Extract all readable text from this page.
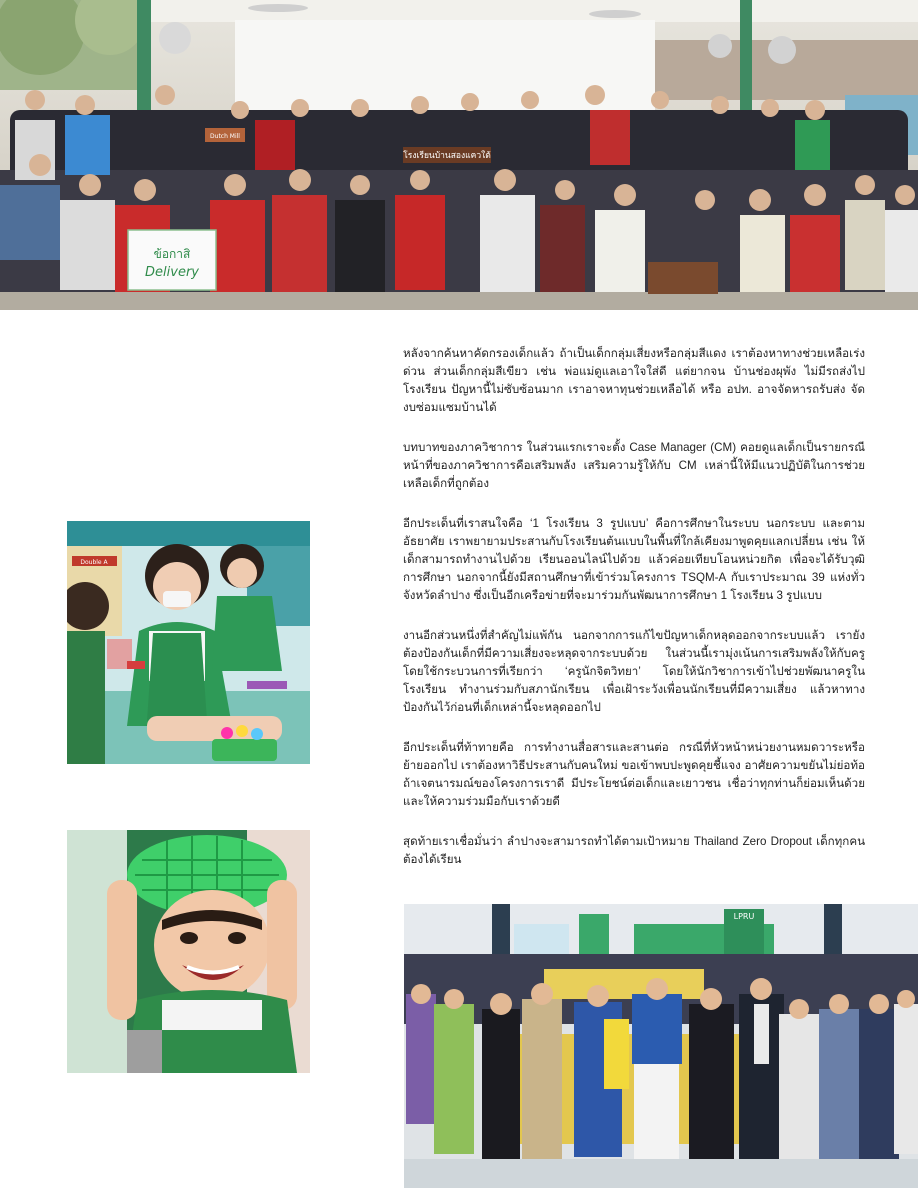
ข้อกาสิ
Delivery
โรงเรียนบ้านสองแควใต้
Dutch Mill

หลังจากค้นหาคัดกรองเด็กแล้ว ถ้าเป็นเด็กกลุ่มเสี่ยงหรือกลุ่มสีแดง เราต้องหาทางช่วยเหลือเร่งด่วน ส่วนเด็กกลุ่มสีเขียว เช่น พ่อแม่ดูแลเอาใจใส่ดี แต่ยากจน บ้านช่องผุพัง ไม่มีรถส่งไปโรงเรียน ปัญหานี้ไม่ซับซ้อนมาก เราอาจหาทุนช่วยเหลือได้ หรือ อปท. อาจจัดหารถรับส่ง จัดงบซ่อมแซมบ้านได้

บทบาทของภาควิชาการ ในส่วนแรกเราจะตั้ง Case Manager (CM) คอยดูแลเด็กเป็นรายกรณี หน้าที่ของภาควิชาการคือเสริมพลัง เสริมความรู้ให้กับ CM เหล่านี้ให้มีแนวปฏิบัติในการช่วยเหลือเด็กที่ถูกต้อง

อีกประเด็นที่เราสนใจคือ ‘1 โรงเรียน 3 รูปแบบ’ คือการศึกษาในระบบ นอกระบบ และตามอัธยาศัย เราพยายามประสานกับโรงเรียนต้นแบบในพื้นที่ใกล้เคียงมาพูดคุยแลกเปลี่ยน เช่น ให้เด็กสามารถทำงานไปด้วย เรียนออนไลน์ไปด้วย แล้วค่อยเทียบโอนหน่วยกิต เพื่อจะได้รับวุฒิการศึกษา นอกจากนี้ยังมีสถานศึกษาที่เข้าร่วมโครงการ TSQM-A กับเราประมาณ 39 แห่งทั่วจังหวัดลำปาง ซึ่งเป็นอีกเครือข่ายที่จะมาร่วมกันพัฒนาการศึกษา 1 โรงเรียน 3 รูปแบบ

งานอีกส่วนหนึ่งที่สำคัญไม่แพ้กัน นอกจากการแก้ไขปัญหาเด็กหลุดออกจากระบบแล้ว เรายังต้องป้องกันเด็กที่มีความเสี่ยงจะหลุดจากระบบด้วย ในส่วนนี้เรามุ่งเน้นการเสริมพลังให้กับครู โดยใช้กระบวนการที่เรียกว่า ‘ครูนักจิตวิทยา’ โดยให้นักวิชาการเข้าไปช่วยพัฒนาครูในโรงเรียน ทำงานร่วมกับสภานักเรียน เพื่อเฝ้าระวังเพื่อนนักเรียนที่มีความเสี่ยง แล้วหาทางป้องกันไว้ก่อนที่เด็กเหล่านี้จะหลุดออกไป

อีกประเด็นที่ท้าทายคือ การทำงานสื่อสารและสานต่อ กรณีที่หัวหน้าหน่วยงานหมดวาระหรือย้ายออกไป เราต้องหาวิธีประสานกับคนใหม่ ขอเข้าพบปะพูดคุยชี้แจง อาศัยความขยันไม่ย่อท้อ ถ้าเจตนารมณ์ของโครงการเราดี มีประโยชน์ต่อเด็กและเยาวชน เชื่อว่าทุกท่านก็ย่อมเห็นด้วยและให้ความร่วมมือกับเราด้วยดี

สุดท้ายเราเชื่อมั่นว่า ลำปางจะสามารถทำได้ตามเป้าหมาย Thailand Zero Dropout เด็กทุกคนต้องได้เรียน

Double A
LPRU
